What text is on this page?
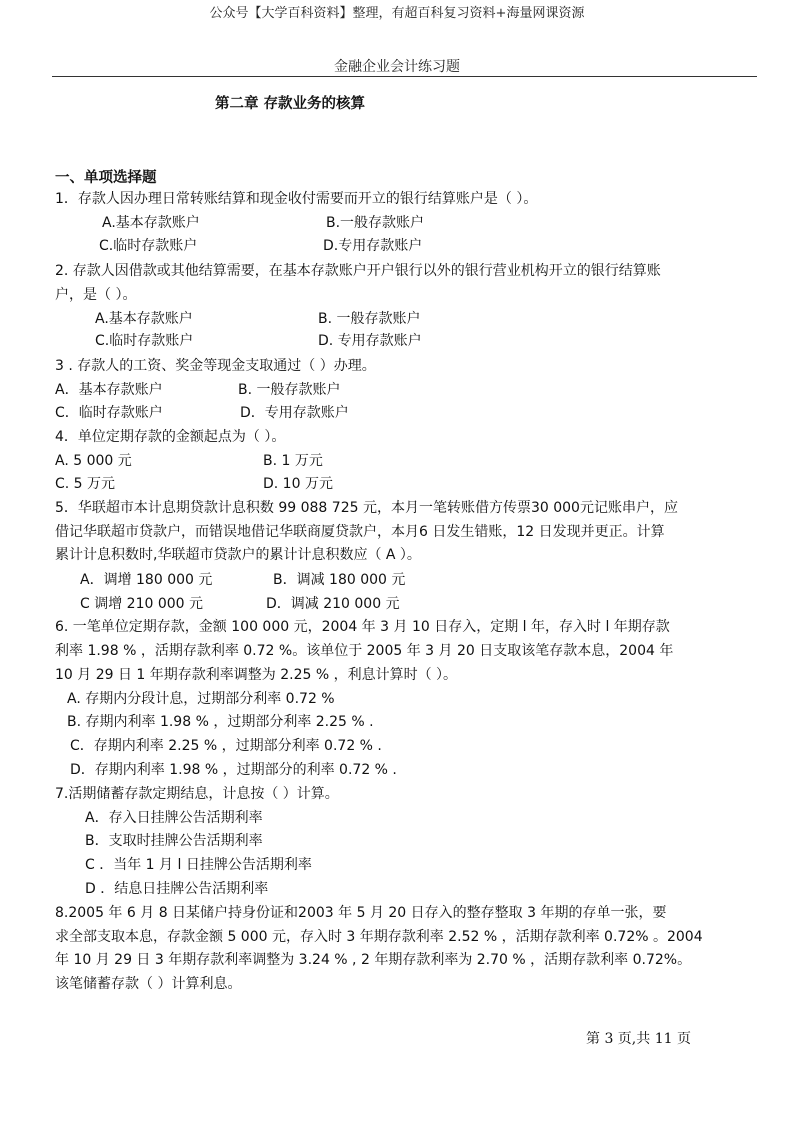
公众号【大学百科资料】整理，有超百科复习资料+海量网课资源
金融企业会计练习题
第二章 存款业务的核算
一、单项选择题
1．存款人因办理日常转账结算和现金收付需要而开立的银行结算账户是（ ）。
A.基本存款账户	B.一般存款账户
C.临时存款账户	D.专用存款账户
2. 存款人因借款或其他结算需要，在基本存款账户开户银行以外的银行营业机构开立的银行结算账
户，是（ ）。
A.基本存款账户	B. 一般存款账户
C.临时存款账户	D. 专用存款账户
3 . 存款人的工资、奖金等现金支取通过（ ）办理。
A．基本存款账户	B. 一般存款账户
C．临时存款账户	D．专用存款账户
4．单位定期存款的金额起点为（ ）。
A. 5 000 元	B. 1 万元
C. 5 万元	D. 10 万元
5．华联超市本计息期贷款计息积数 99 088 725 元，本月一笔转账借方传票30 000元记账串户，应
借记华联超市贷款户，而错误地借记华联商厦贷款户，本月6 日发生错账，12 日发现并更正。计算
累计计息积数时,华联超市贷款户的累计计息积数应（ A ）。
A．调增 180 000 元	B．调减 180 000 元
C 调增 210 000 元	D．调减 210 000 元
6. 一笔单位定期存款，金额 100 000 元，2004 年 3 月 10 日存入，定期 l 年，存入时 l 年期存款
利率 1.98 % ，活期存款利率 0.72 %。该单位于 2005 年 3 月 20 日支取该笔存款本息，2004 年
10 月 29 日 1 年期存款利率调整为 2.25 % ，利息计算时（ ）。
A. 存期内分段计息，过期部分利率 0.72 %
B. 存期内利率 1.98 % ，过期部分利率 2.25 % .
C．存期内利率 2.25 % ，过期部分利率 0.72 % .
D．存期内利率 1.98 % ，过期部分的利率 0.72 % .
7.活期储蓄存款定期结息，计息按（ ）计算。
A．存入日挂牌公告活期利率
B．支取时挂牌公告活期利率
C ．当年 1 月 l 日挂牌公告活期利率
D ．结息日挂牌公告活期利率
8.2005 年 6 月 8 日某储户持身份证和2003 年 5 月 20 日存入的整存整取 3 年期的存单一张，要
求全部支取本息，存款金额 5 000 元，存入时 3 年期存款利率 2.52 % ，活期存款利率 0.72% 。2004
年 10 月 29 日 3 年期存款利率调整为 3.24 % , 2 年期存款利率为 2.70 % ，活期存款利率 0.72%。
该笔储蓄存款（ ）计算利息。
第 3 页,共 11 页
